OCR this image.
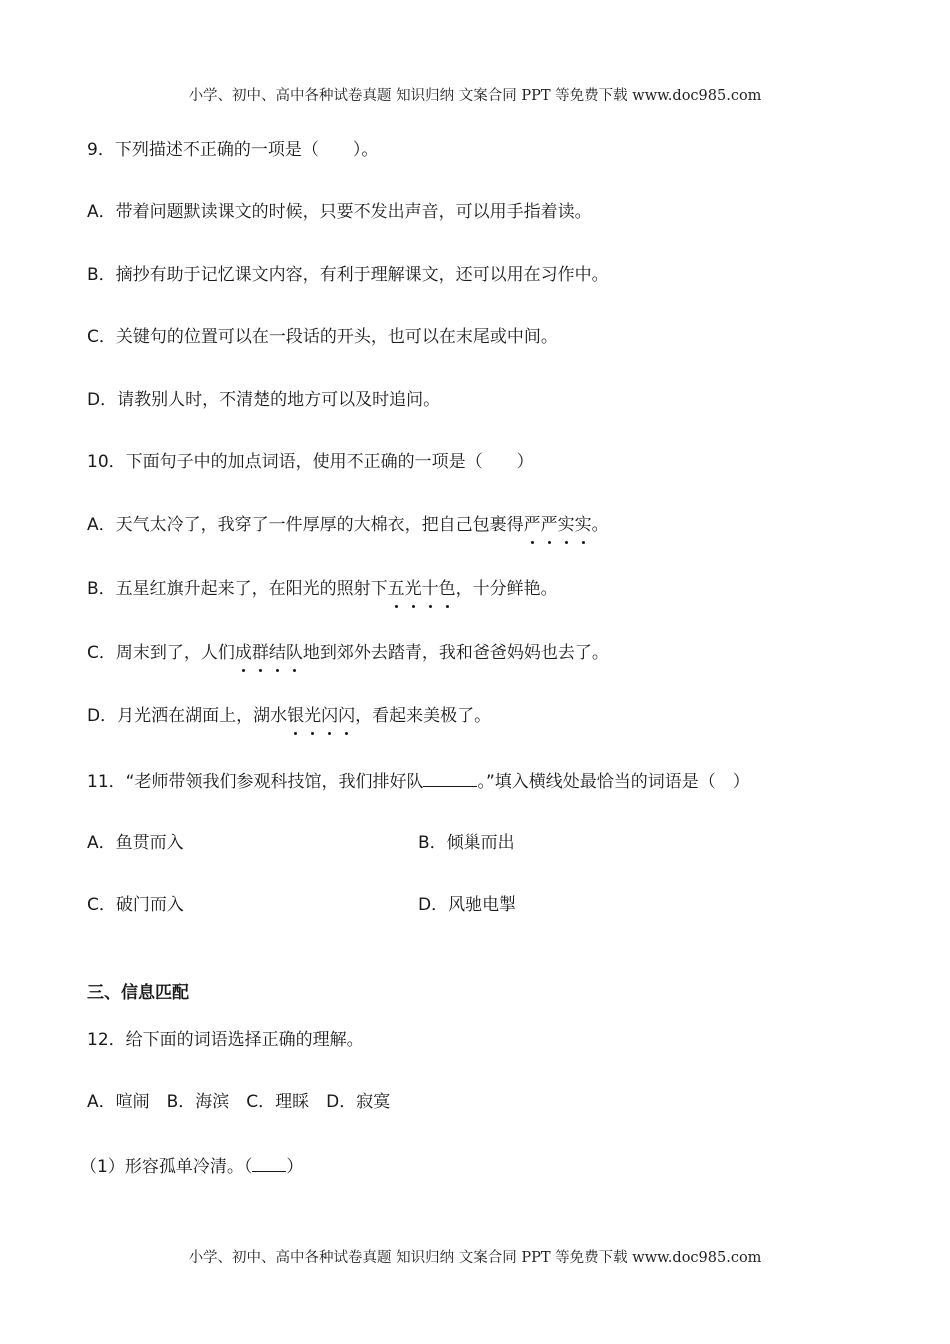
小学、初中、高中各种试卷真题 知识归纳 文案合同 PPT 等免费下载 www.doc985.com
9．下列描述不正确的一项是（　　）。
A．带着问题默读课文的时候，只要不发出声音，可以用手指着读。
B．摘抄有助于记忆课文内容，有利于理解课文，还可以用在习作中。
C．关键句的位置可以在一段话的开头，也可以在末尾或中间。
D．请教别人时，不清楚的地方可以及时追问。
10．下面句子中的加点词语，使用不正确的一项是（　　）
A．天气太冷了，我穿了一件厚厚的大棉衣，把自己包裹得严严实实。
B．五星红旗升起来了，在阳光的照射下五光十色，十分鲜艳。
C．周末到了，人们成群结队地到郊外去踏青，我和爸爸妈妈也去了。
D．月光洒在湖面上，湖水银光闪闪，看起来美极了。
11．“老师带领我们参观科技馆，我们排好队	。”填入横线处最恰当的词语是（　）
A．鱼贯而入	B．倾巢而出
C．破门而入	D．风驰电掣
三、信息匹配
12．给下面的词语选择正确的理解。
A．喧闹　B．海滨　C．理睬　D．寂寞
（1）形容孤单冷清。（ ）
小学、初中、高中各种试卷真题 知识归纳 文案合同 PPT 等免费下载 www.doc985.com
